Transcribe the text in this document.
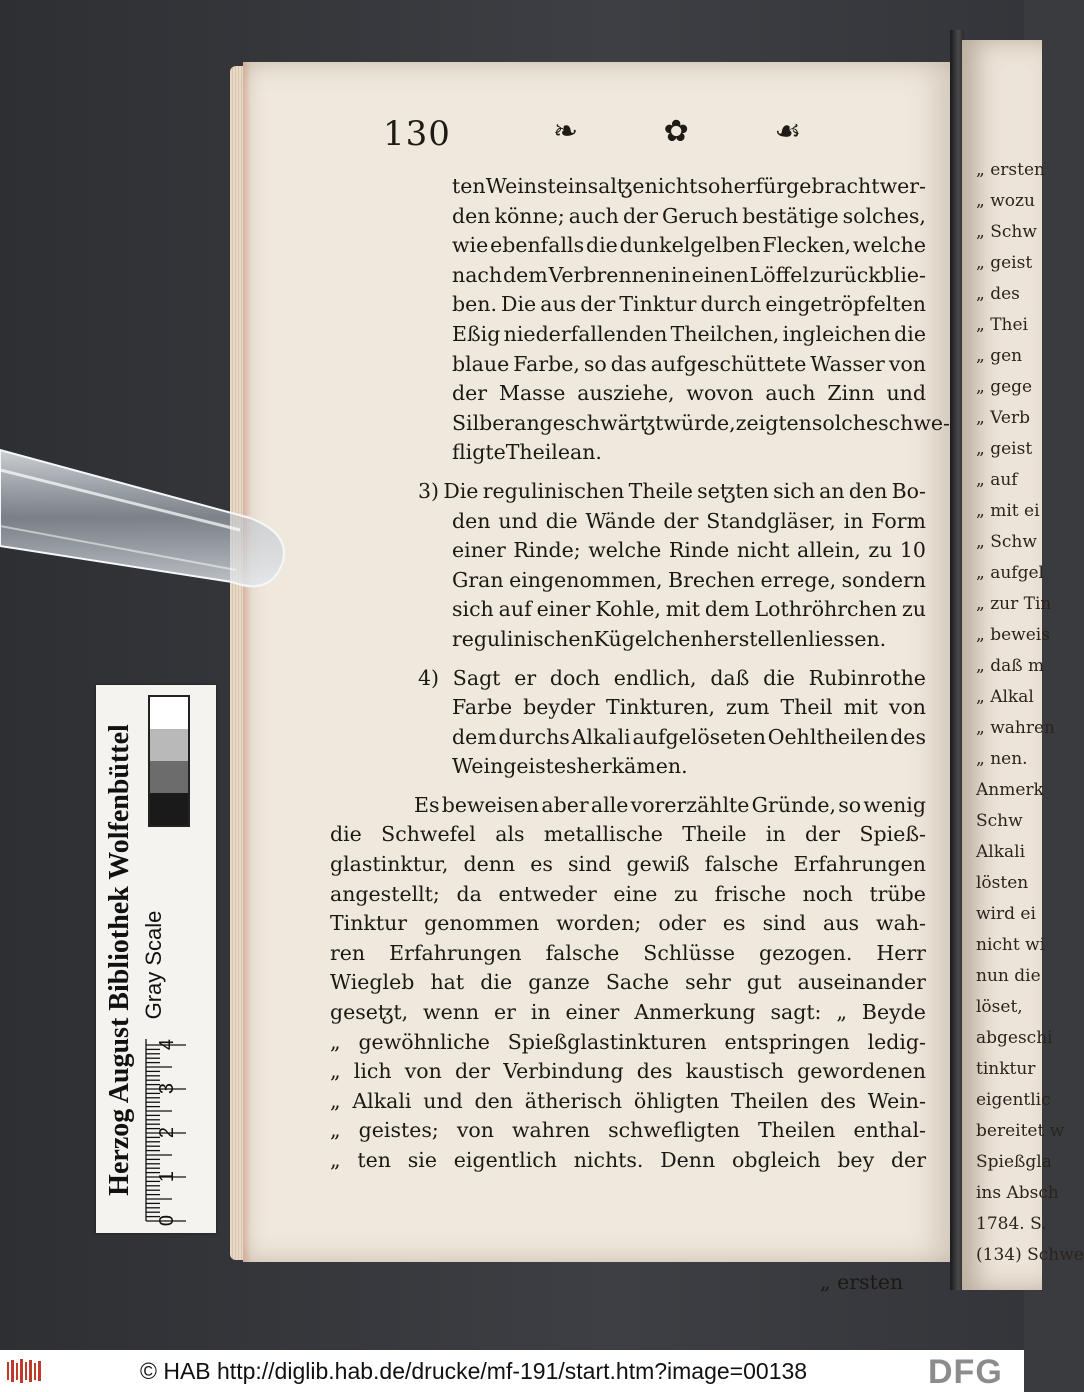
130	❧ ✿ ☙
ten Weinsteinsalꜩe nicht so herfürgebracht wer-
den könne; auch der Geruch bestätige solches,
wie ebenfalls die dunkelgelben Flecken, welche
nach dem Verbrennen in einen Löffel zurückblie-
ben. Die aus der Tinktur durch eingetröpfelten
Eßig niederfallenden Theilchen, ingleichen die
blaue Farbe, so das aufgeschüttete Wasser von
der Masse ausziehe, wovon auch Zinn und
Silber angeschwärꜩt würde, zeigten solche schwe-
fligte Theile an.
3) Die regulinischen Theile seꜩten sich an den Bo-
den und die Wände der Standgläser, in Form
einer Rinde; welche Rinde nicht allein, zu 10
Gran eingenommen, Brechen errege, sondern
sich auf einer Kohle, mit dem Lothröhrchen zu
regulinischen Kügelchen herstellen liessen.
4) Sagt er doch endlich, daß die Rubinrothe
Farbe beyder Tinkturen, zum Theil mit von
dem durchs Alkali aufgelöseten Oehltheilen des
Weingeistes herkämen.
Es beweisen aber alle vorerzählte Gründe, so wenig
die Schwefel als metallische Theile in der Spieß-
glastinktur, denn es sind gewiß falsche Erfahrungen
angestellt; da entweder eine zu frische noch trübe
Tinktur genommen worden; oder es sind aus wah-
ren Erfahrungen falsche Schlüsse gezogen. Herr
Wiegleb hat die ganze Sache sehr gut auseinander
geseꜩt, wenn er in einer Anmerkung sagt: „ Beyde
„ gewöhnliche Spießglastinkturen entspringen ledig-
„ lich von der Verbindung des kaustisch gewordenen
„ Alkali und den ätherisch öhligten Theilen des Wein-
„ geistes; von wahren schwefligten Theilen enthal-
„ ten sie eigentlich nichts. Denn obgleich bey der
„ ersten
„ ersten
„ wozu
„ Schw
„ geist
„ des
„ Thei
„ gen
„ gege
„ Verb
„ geist
„ auf
„ mit ei
„ Schw
„ aufgel
„ zur Tin
„ beweis
„ daß m
„ Alkal
„ wahren
„ nen.
Anmerk
Schw
Alkali
lösten
wird ei
nicht wi
nun die
löset,
abgeschi
tinktur
eigentlic
bereitet w
Spießgla
ins Absch
1784. S.
(134) Schwe
Herzog August Bibliothek Wolfenbüttel Gray Scale
0
1
2
3
4
© HAB http://diglib.hab.de/drucke/mf-191/start.htm?image=00138	DFG
